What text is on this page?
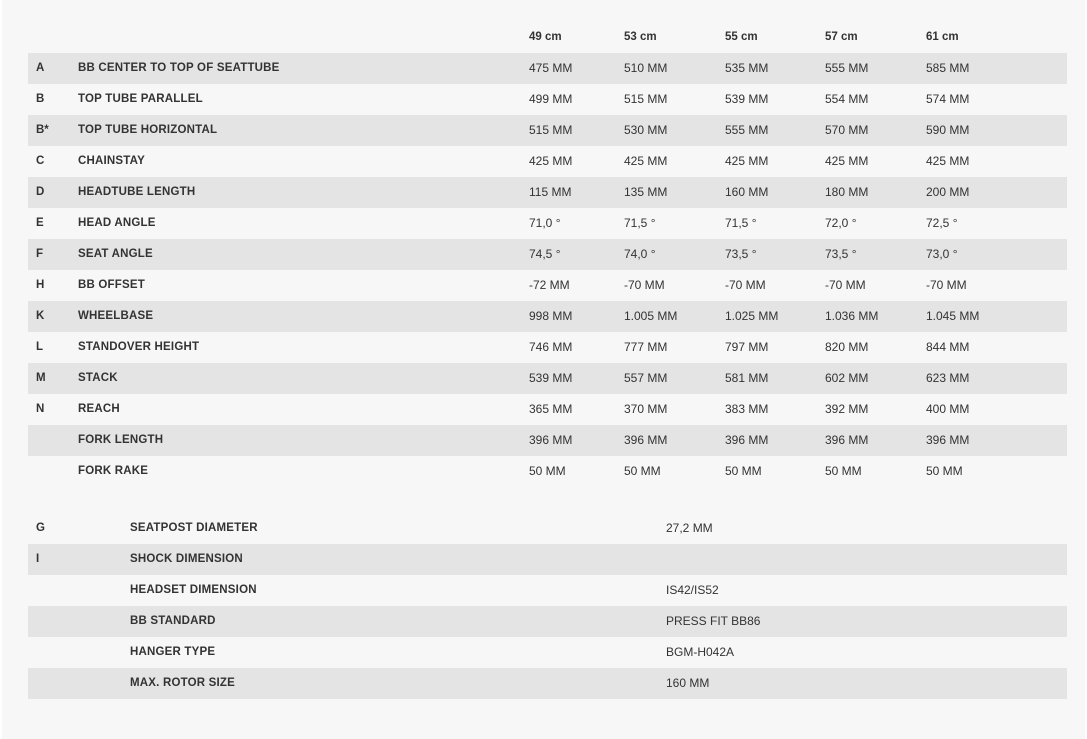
49 cm	53 cm	55 cm	57 cm	61 cm
A	BB CENTER TO TOP OF SEATTUBE	475 MM	510 MM	535 MM	555 MM	585 MM
B	TOP TUBE PARALLEL	499 MM	515 MM	539 MM	554 MM	574 MM
B*	TOP TUBE HORIZONTAL	515 MM	530 MM	555 MM	570 MM	590 MM
C	CHAINSTAY	425 MM	425 MM	425 MM	425 MM	425 MM
D	HEADTUBE LENGTH	115 MM	135 MM	160 MM	180 MM	200 MM
E	HEAD ANGLE	71,0 °	71,5 °	71,5 °	72,0 °	72,5 °
F	SEAT ANGLE	74,5 °	74,0 °	73,5 °	73,5 °	73,0 °
H	BB OFFSET	-72 MM	-70 MM	-70 MM	-70 MM	-70 MM
K	WHEELBASE	998 MM	1.005 MM	1.025 MM	1.036 MM	1.045 MM
L	STANDOVER HEIGHT	746 MM	777 MM	797 MM	820 MM	844 MM
M	STACK	539 MM	557 MM	581 MM	602 MM	623 MM
N	REACH	365 MM	370 MM	383 MM	392 MM	400 MM
FORK LENGTH	396 MM	396 MM	396 MM	396 MM	396 MM
FORK RAKE	50 MM	50 MM	50 MM	50 MM	50 MM
G	SEATPOST DIAMETER	27,2 MM
I	SHOCK DIMENSION
HEADSET DIMENSION	IS42/IS52
BB STANDARD	PRESS FIT BB86
HANGER TYPE	BGM-H042A
MAX. ROTOR SIZE	160 MM
